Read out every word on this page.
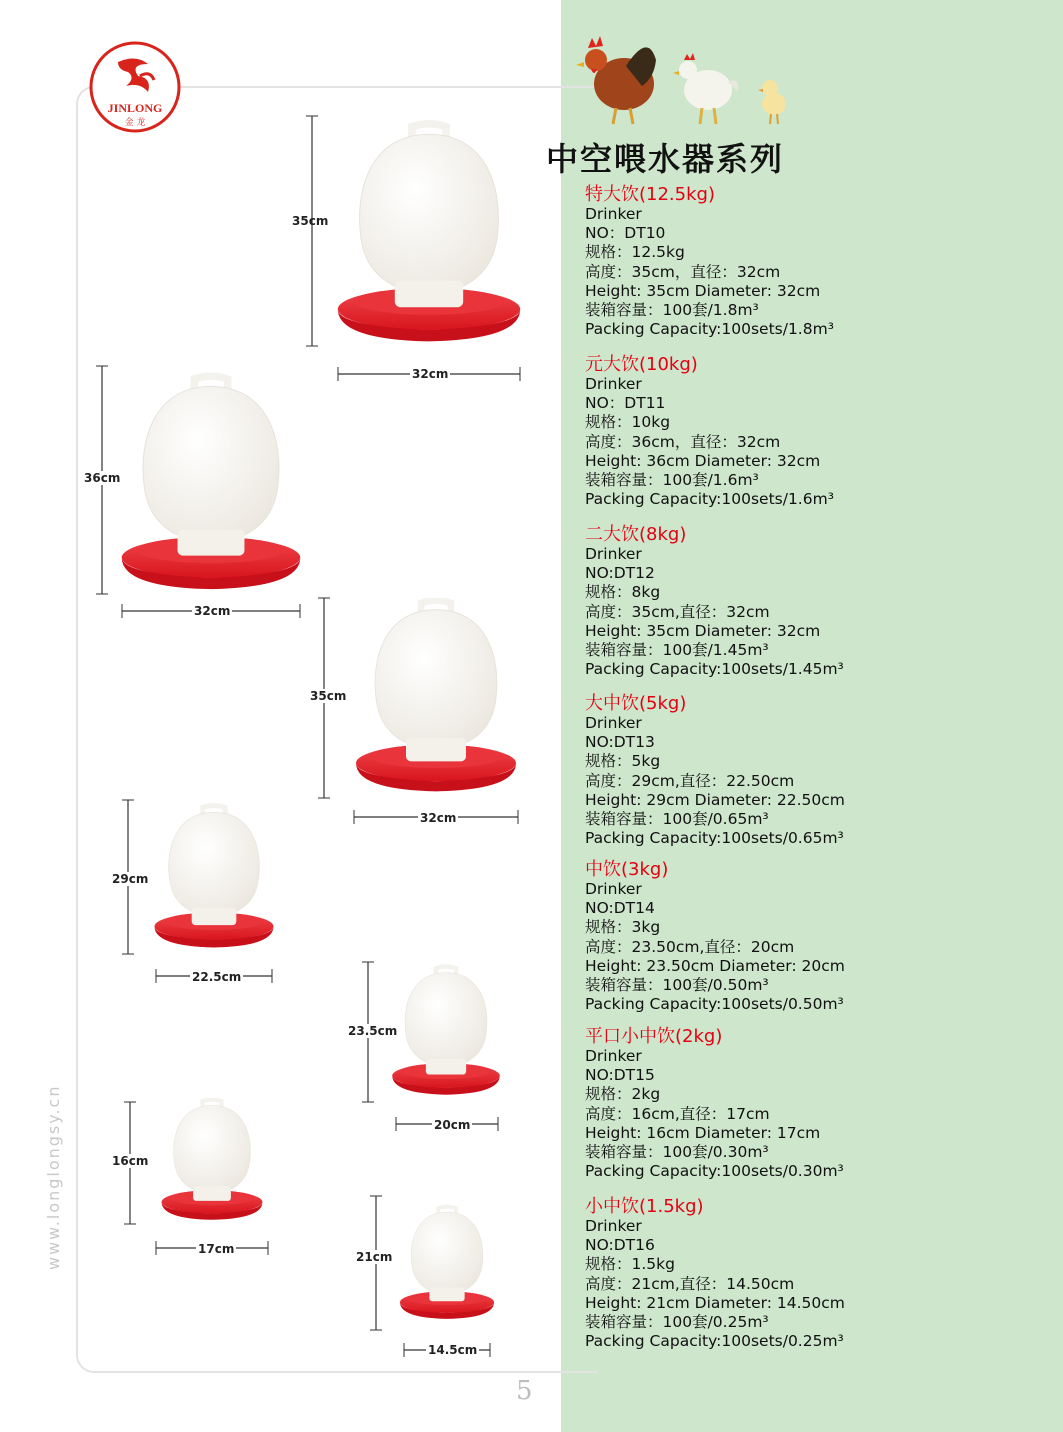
JINLONG
金 龙
www.longlongsy.cn
5
中空喂水器系列
特大饮(12.5kg)
Drinker
NO：DT10
规格：12.5kg
高度：35cm，直径：32cm
Height: 35cm Diameter: 32cm
装箱容量：100套/1.8m³
Packing Capacity:100sets/1.8m³
元大饮(10kg)
Drinker
NO：DT11
规格：10kg
高度：36cm，直径：32cm
Height: 36cm Diameter: 32cm
装箱容量：100套/1.6m³
Packing Capacity:100sets/1.6m³
二大饮(8kg)
Drinker
NO:DT12
规格：8kg
高度：35cm,直径：32cm
Height: 35cm Diameter: 32cm
装箱容量：100套/1.45m³
Packing Capacity:100sets/1.45m³
大中饮(5kg)
Drinker
NO:DT13
规格：5kg
高度：29cm,直径：22.50cm
Height: 29cm Diameter: 22.50cm
装箱容量：100套/0.65m³
Packing Capacity:100sets/0.65m³
中饮(3kg)
Drinker
NO:DT14
规格：3kg
高度：23.50cm,直径：20cm
Height: 23.50cm Diameter: 20cm
装箱容量：100套/0.50m³
Packing Capacity:100sets/0.50m³
平口小中饮(2kg)
Drinker
NO:DT15
规格：2kg
高度：16cm,直径：17cm
Height: 16cm Diameter: 17cm
装箱容量：100套/0.30m³
Packing Capacity:100sets/0.30m³
小中饮(1.5kg)
Drinker
NO:DT16
规格：1.5kg
高度：21cm,直径：14.50cm
Height: 21cm Diameter: 14.50cm
装箱容量：100套/0.25m³
Packing Capacity:100sets/0.25m³
35cm
32cm
36cm
32cm
35cm
32cm
29cm
22.5cm
23.5cm
20cm
16cm
17cm
21cm
14.5cm
